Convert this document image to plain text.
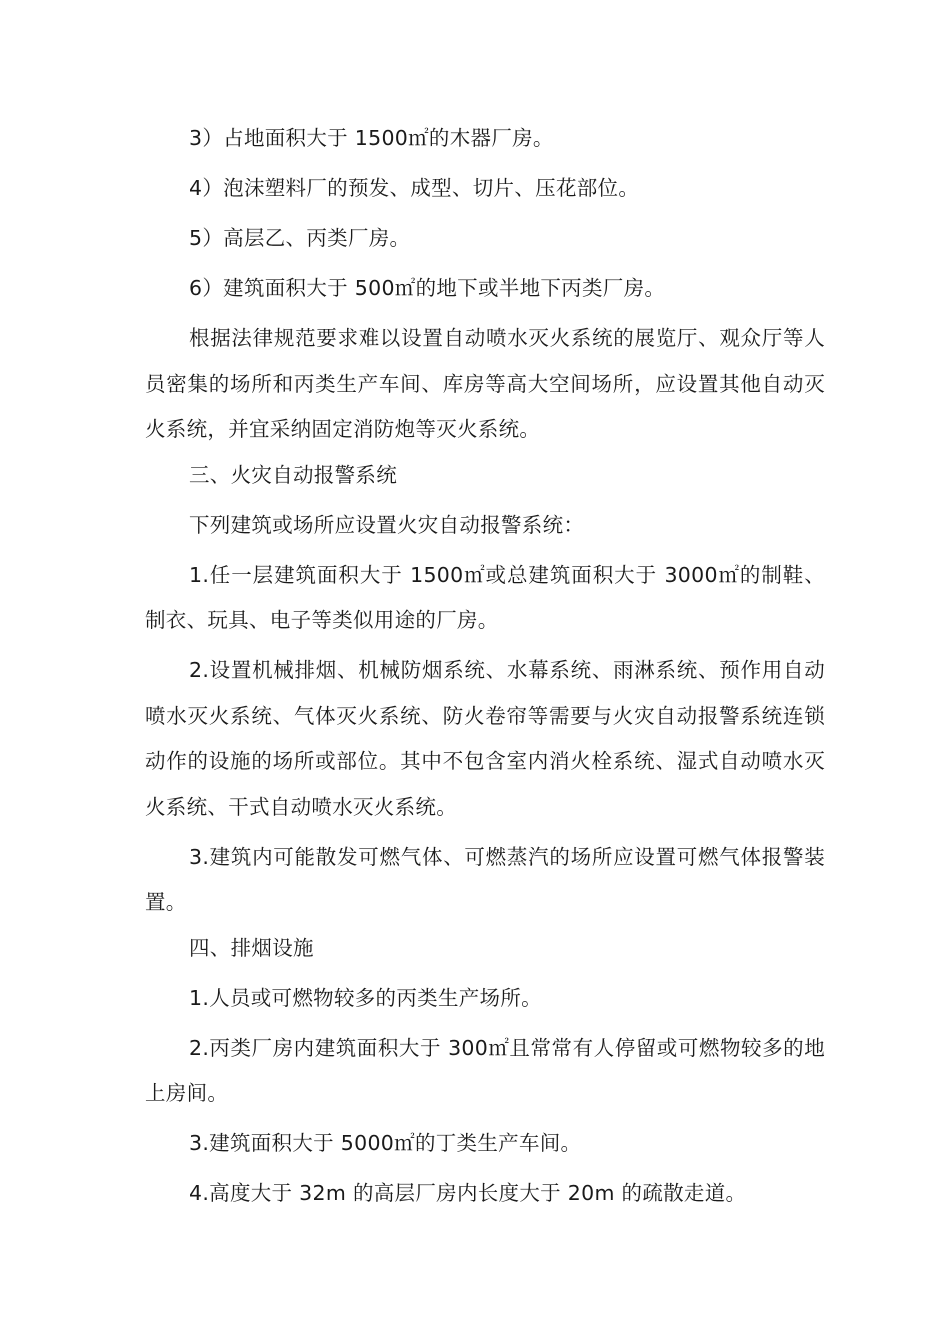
3）占地面积大于 1500㎡的木器厂房。

4）泡沫塑料厂的预发、成型、切片、压花部位。

5）高层乙、丙类厂房。

6）建筑面积大于 500㎡的地下或半地下丙类厂房。

根据法律规范要求难以设置自动喷水灭火系统的展览厅、观众厅等人员密集的场所和丙类生产车间、库房等高大空间场所，应设置其他自动灭火系统，并宜采纳固定消防炮等灭火系统。

三、火灾自动报警系统

下列建筑或场所应设置火灾自动报警系统：

1.任一层建筑面积大于 1500㎡或总建筑面积大于 3000㎡的制鞋、制衣、玩具、电子等类似用途的厂房。

2.设置机械排烟、机械防烟系统、水幕系统、雨淋系统、预作用自动喷水灭火系统、气体灭火系统、防火卷帘等需要与火灾自动报警系统连锁动作的设施的场所或部位。其中不包含室内消火栓系统、湿式自动喷水灭火系统、干式自动喷水灭火系统。

3.建筑内可能散发可燃气体、可燃蒸汽的场所应设置可燃气体报警装置。

四、排烟设施

1.人员或可燃物较多的丙类生产场所。

2.丙类厂房内建筑面积大于 300㎡且常常有人停留或可燃物较多的地上房间。

3.建筑面积大于 5000㎡的丁类生产车间。

4.高度大于 32m 的高层厂房内长度大于 20m 的疏散走道。
